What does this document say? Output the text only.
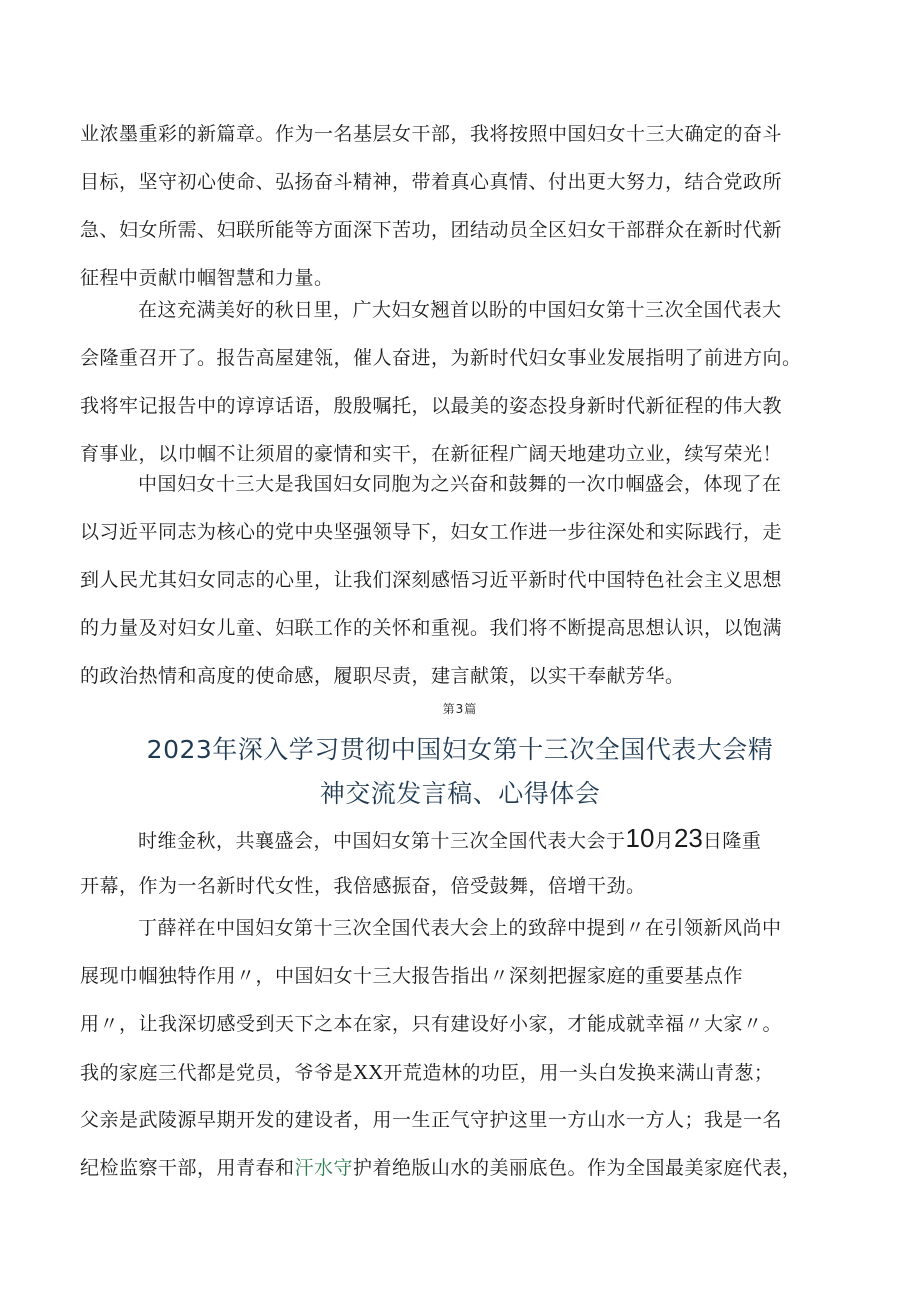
业浓墨重彩的新篇章。作为一名基层女干部，我将按照中国妇女十三大确定的奋斗
目标，坚守初心使命、弘扬奋斗精神，带着真心真情、付出更大努力，结合党政所
急、妇女所需、妇联所能等方面深下苦功，团结动员全区妇女干部群众在新时代新
征程中贡献巾帼智慧和力量。
在这充满美好的秋日里，广大妇女翘首以盼的中国妇女第十三次全国代表大
会隆重召开了。报告高屋建瓴，催人奋进，为新时代妇女事业发展指明了前进方向。
我将牢记报告中的谆谆话语，殷殷嘱托，以最美的姿态投身新时代新征程的伟大教
育事业，以巾帼不让须眉的豪情和实干，在新征程广阔天地建功立业，续写荣光！
中国妇女十三大是我国妇女同胞为之兴奋和鼓舞的一次巾帼盛会，体现了在
以习近平同志为核心的党中央坚强领导下，妇女工作进一步往深处和实际践行，走
到人民尤其妇女同志的心里，让我们深刻感悟习近平新时代中国特色社会主义思想
的力量及对妇女儿童、妇联工作的关怀和重视。我们将不断提高思想认识，以饱满
的政治热情和高度的使命感，履职尽责，建言献策，以实干奉献芳华。
第3篇
2023年深入学习贯彻中国妇女第十三次全国代表大会精
神交流发言稿、心得体会
时维金秋，共襄盛会，中国妇女第十三次全国代表大会于10月23日隆重
开幕，作为一名新时代女性，我倍感振奋，倍受鼓舞，倍增干劲。
丁薛祥在中国妇女第十三次全国代表大会上的致辞中提到〃在引领新风尚中
展现巾帼独特作用〃，中国妇女十三大报告指出〃深刻把握家庭的重要基点作
用〃，让我深切感受到天下之本在家，只有建设好小家，才能成就幸福〃大家〃。
我的家庭三代都是党员，爷爷是XX开荒造林的功臣，用一头白发换来满山青葱；
父亲是武陵源早期开发的建设者，用一生正气守护这里一方山水一方人；我是一名
纪检监察干部，用青春和汗水守护着绝版山水的美丽底色。作为全国最美家庭代表，
